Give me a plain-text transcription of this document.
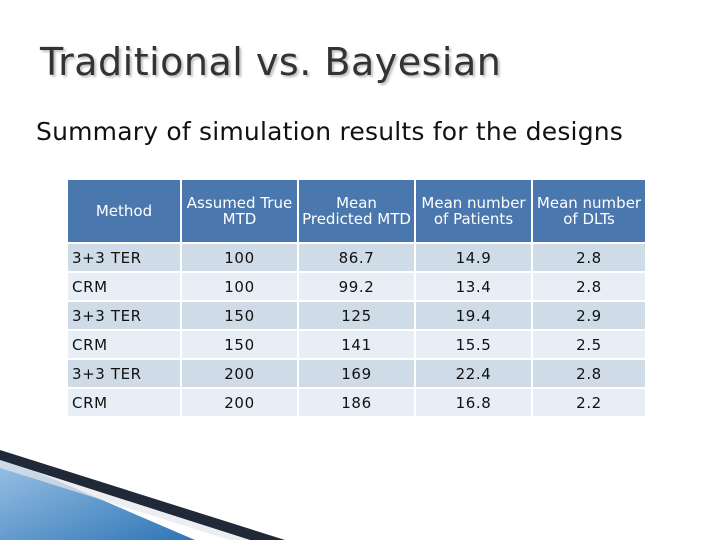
Traditional vs. Bayesian
Summary of simulation results for the designs
Method	Assumed True MTD	Mean Predicted MTD	Mean number of Patients	Mean number of DLTs
3+3 TER	100	86.7	14.9	2.8
CRM	100	99.2	13.4	2.8
3+3 TER	150	125	19.4	2.9
CRM	150	141	15.5	2.5
3+3 TER	200	169	22.4	2.8
CRM	200	186	16.8	2.2
